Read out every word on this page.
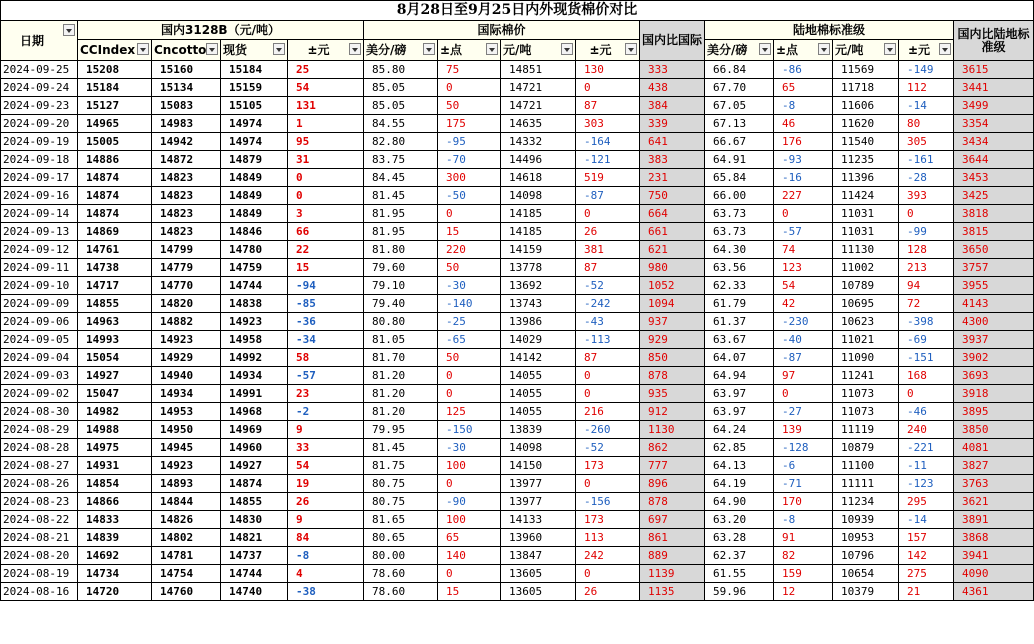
8月28日至9月25日内外现货棉价对比														

日期	国内3128B（元/吨）				国际棉价				国内比国际	陆地棉标准级				国内比陆地标准级

	CCIndex	Cncotto	现货	±元	美分/磅	±点	元/吨	±元		美分/磅	±点	元/吨	±元	

2024-09-25	15208	15160	15184	25	85.80	75	14851	130	333	66.84	-86	11569	-149	3615
2024-09-24	15184	15134	15159	54	85.05	0	14721	0	438	67.70	65	11718	112	3441
2024-09-23	15127	15083	15105	131	85.05	50	14721	87	384	67.05	-8	11606	-14	3499
2024-09-20	14965	14983	14974	1	84.55	175	14635	303	339	67.13	46	11620	80	3354
2024-09-19	15005	14942	14974	95	82.80	-95	14332	-164	641	66.67	176	11540	305	3434
2024-09-18	14886	14872	14879	31	83.75	-70	14496	-121	383	64.91	-93	11235	-161	3644
2024-09-17	14874	14823	14849	0	84.45	300	14618	519	231	65.84	-16	11396	-28	3453
2024-09-16	14874	14823	14849	0	81.45	-50	14098	-87	750	66.00	227	11424	393	3425
2024-09-14	14874	14823	14849	3	81.95	0	14185	0	664	63.73	0	11031	0	3818
2024-09-13	14869	14823	14846	66	81.95	15	14185	26	661	63.73	-57	11031	-99	3815
2024-09-12	14761	14799	14780	22	81.80	220	14159	381	621	64.30	74	11130	128	3650
2024-09-11	14738	14779	14759	15	79.60	50	13778	87	980	63.56	123	11002	213	3757
2024-09-10	14717	14770	14744	-94	79.10	-30	13692	-52	1052	62.33	54	10789	94	3955
2024-09-09	14855	14820	14838	-85	79.40	-140	13743	-242	1094	61.79	42	10695	72	4143
2024-09-06	14963	14882	14923	-36	80.80	-25	13986	-43	937	61.37	-230	10623	-398	4300
2024-09-05	14993	14923	14958	-34	81.05	-65	14029	-113	929	63.67	-40	11021	-69	3937
2024-09-04	15054	14929	14992	58	81.70	50	14142	87	850	64.07	-87	11090	-151	3902
2024-09-03	14927	14940	14934	-57	81.20	0	14055	0	878	64.94	97	11241	168	3693
2024-09-02	15047	14934	14991	23	81.20	0	14055	0	935	63.97	0	11073	0	3918
2024-08-30	14982	14953	14968	-2	81.20	125	14055	216	912	63.97	-27	11073	-46	3895
2024-08-29	14988	14950	14969	9	79.95	-150	13839	-260	1130	64.24	139	11119	240	3850
2024-08-28	14975	14945	14960	33	81.45	-30	14098	-52	862	62.85	-128	10879	-221	4081
2024-08-27	14931	14923	14927	54	81.75	100	14150	173	777	64.13	-6	11100	-11	3827
2024-08-26	14854	14893	14874	19	80.75	0	13977	0	896	64.19	-71	11111	-123	3763
2024-08-23	14866	14844	14855	26	80.75	-90	13977	-156	878	64.90	170	11234	295	3621
2024-08-22	14833	14826	14830	9	81.65	100	14133	173	697	63.20	-8	10939	-14	3891
2024-08-21	14839	14802	14821	84	80.65	65	13960	113	861	63.28	91	10953	157	3868
2024-08-20	14692	14781	14737	-8	80.00	140	13847	242	889	62.37	82	10796	142	3941
2024-08-19	14734	14754	14744	4	78.60	0	13605	0	1139	61.55	159	10654	275	4090
2024-08-16	14720	14760	14740	-38	78.60	15	13605	26	1135	59.96	12	10379	21	4361
